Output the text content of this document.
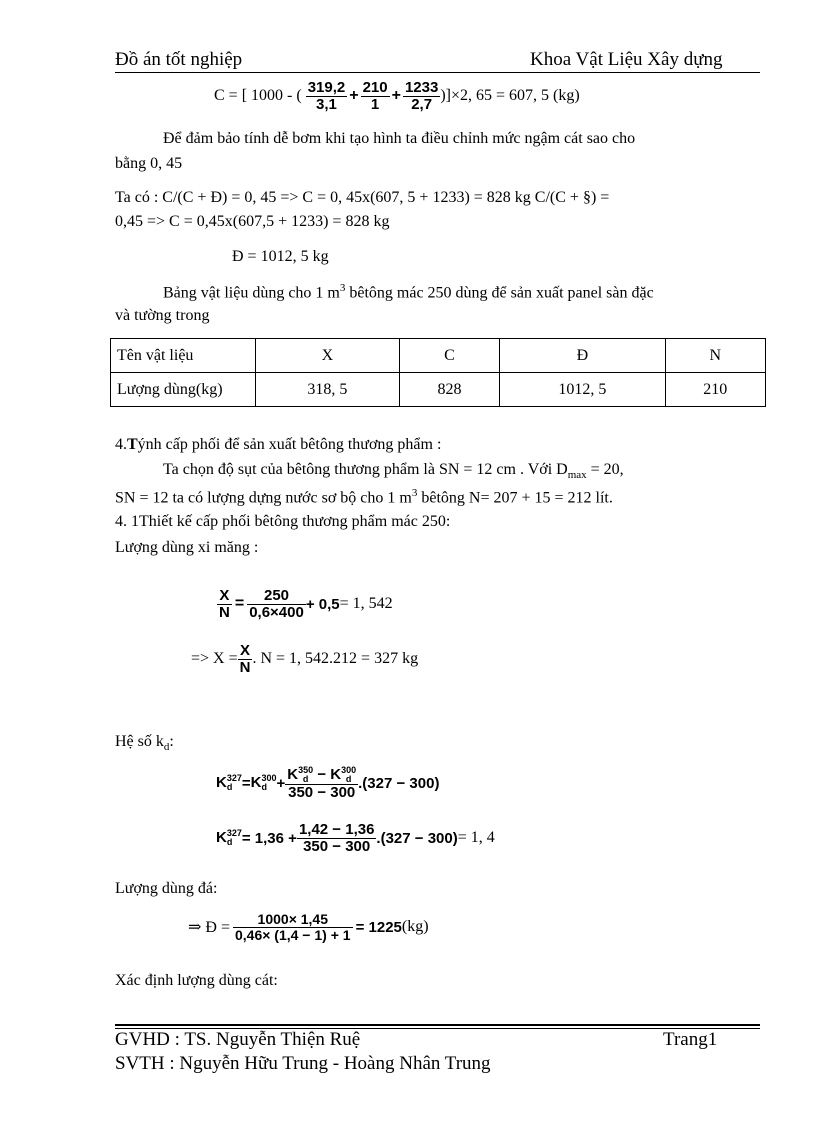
Đồ án tốt nghiệp	Khoa Vật Liệu Xây dựng
C = [ 1000 - ( $\frac{319,2}{3,1} + \frac{210}{1} + \frac{1233}{2,7} )]\times 2$, 65 = 607, 5 (kg)
Để đảm bảo tính dễ bơm khi tạo hình ta điều chỉnh mức ngậm cát sao cho
bằng 0, 45
Ta có : C/(C + Đ) = 0, 45 => C = 0, 45x(607, 5 + 1233) = 828 kg C/(C + §) =
0,45 => C = 0,45x(607,5 + 1233) = 828 kg
Đ = 1012, 5 kg
Bảng vật liệu dùng cho 1 $m^3$ bêtông mác 250 dùng để sản xuất panel sàn đặc
và tường trong
Tên vật liệu	X	C	Đ	N
Lượng dùng(kg)	318, 5	828	1012, 5	210
4.Týnh cấp phối để sản xuất bêtông thương phẩm :
Ta chọn độ sụt của bêtông thương phẩm là SN = 12 cm . Với $D_{max} = 20$,
SN = 12 ta có lượng dựng nước sơ bộ cho 1 $m^3$ bêtông N= 207 + 15 = 212 lít.
4. 1Thiết kế cấp phối bêtông thương phẩm mác 250:
Lượng dùng xi măng :
$\frac{X}{N} = \frac{250}{0,6\times 400} + 0,5 = 1$, 542
=> $X = \frac{X}{N}$ . N = 1, 542.212 = 327 kg
Hệ số $k_d$:
K 327
d = K 300
d + K 350
d − K 300
d
350 − 300 .(327 − 300)
K 327
$d = 1,36 + \frac{1,42 - 1,36}{350 - 300} .(327 - 300) = 1$, 4
Lượng dùng đá:
⇒ Đ = $\frac{1000\times 1,45}{0,46\times (1,4 - 1) + 1} = 1225$ (kg)
Xác định lượng dùng cát:
GVHD : TS. Nguyễn Thiện Ruệ	Trang1
SVTH : Nguyễn Hữu Trung - Hoàng Nhân Trung
